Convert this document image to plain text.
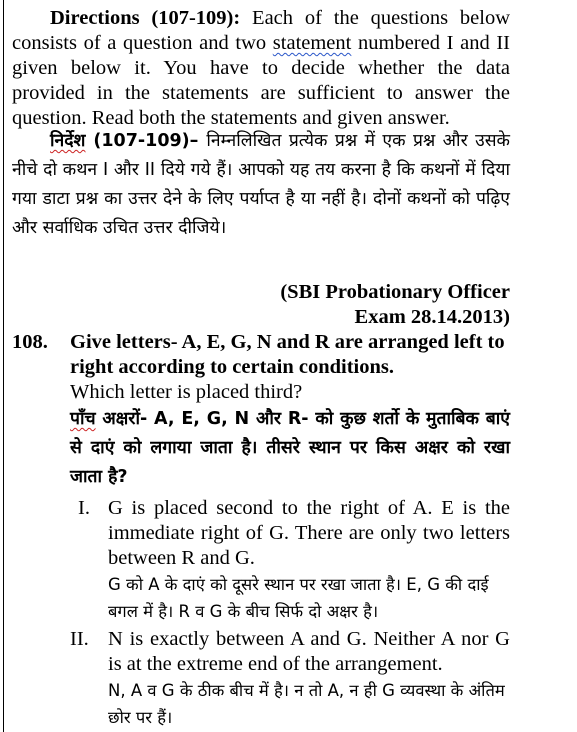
Directions (107-109): Each of the questions below consists of a question and two statement numbered I and II given below it. You have to decide whether the data provided in the statements are sufficient to answer the question. Read both the statements and given answer.

निर्देश (107-109)– निम्नलिखित प्रत्येक प्रश्न में एक प्रश्न और उसके नीचे दो कथन I और II दिये गये हैं। आपको यह तय करना है कि कथनों में दिया गया डाटा प्रश्न का उत्तर देने के लिए पर्याप्त है या नहीं है। दोनों कथनों को पढ़िए और सर्वाधिक उचित उत्तर दीजिये।

(SBI Probationary Officer
Exam 28.14.2013)
108. Give letters- A, E, G, N and R are arranged left to right according to certain conditions.
Which letter is placed third?
पाँच अक्षरों- A, E, G, N और R- को कुछ शर्तो के मुताबिक बाएं से दाएं को लगाया जाता है। तीसरे स्थान पर किस अक्षर को रखा जाता है?
I. G is placed second to the right of A. E is the immediate right of G. There are only two letters between R and G.
G को A के दाएं को दूसरे स्थान पर रखा जाता है। E, G की दाई बगल में है। R व G के बीच सिर्फ दो अक्षर है।
II. N is exactly between A and G. Neither A nor G is at the extreme end of the arrangement.
N, A व G के ठीक बीच में है। न तो A, न ही G व्यवस्था के अंतिम छोर पर हैं।
